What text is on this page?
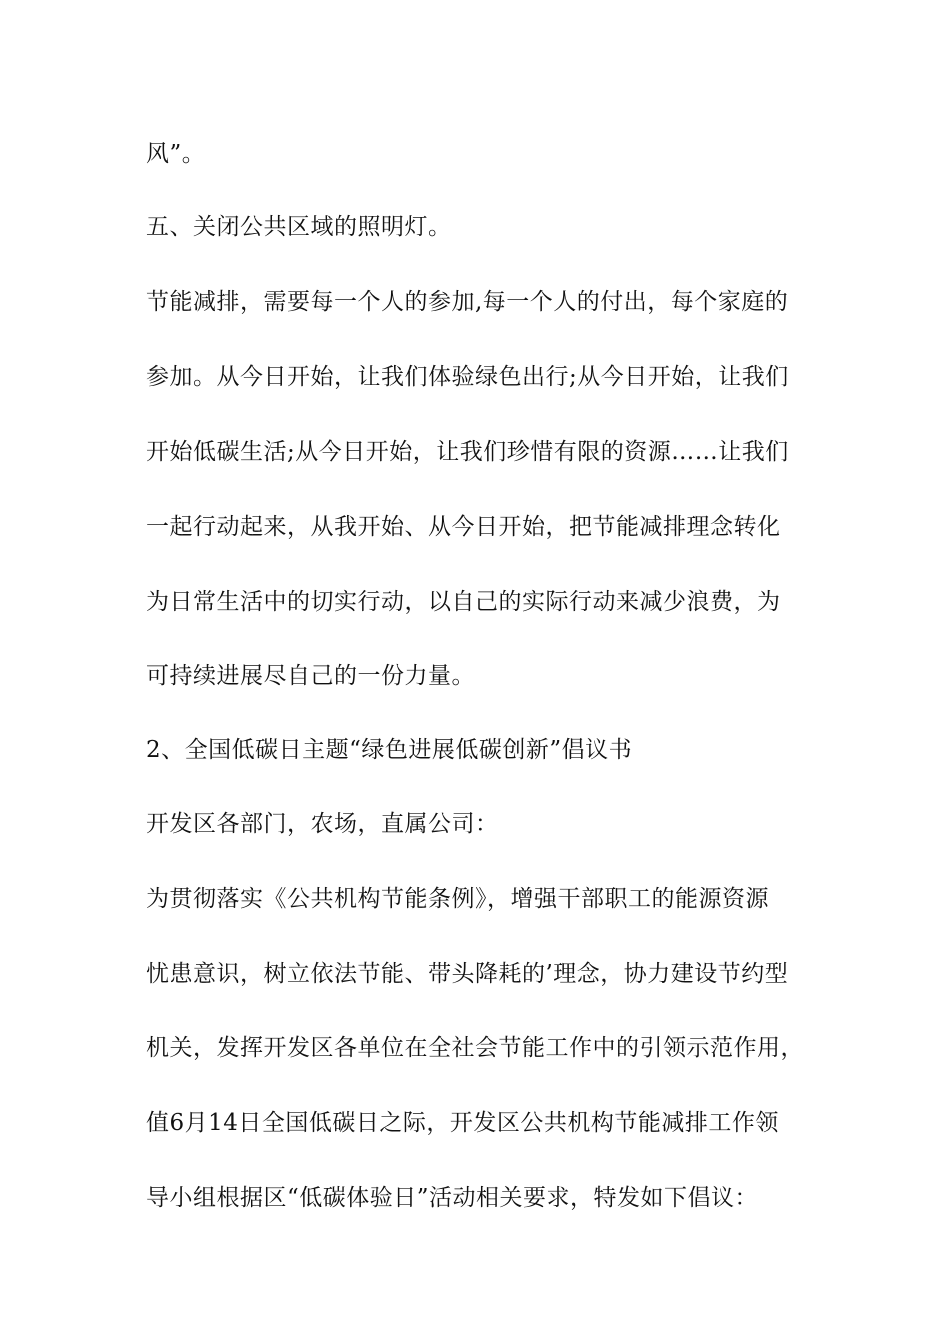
风”。

五、关闭公共区域的照明灯。

节能减排，需要每一个人的参加,每一个人的付出，每个家庭的

参加。从今日开始，让我们体验绿色出行;从今日开始，让我们

开始低碳生活;从今日开始，让我们珍惜有限的资源……让我们

一起行动起来，从我开始、从今日开始，把节能减排理念转化

为日常生活中的切实行动，以自己的实际行动来减少浪费，为

可持续进展尽自己的一份力量。

2、全国低碳日主题“绿色进展低碳创新”倡议书

开发区各部门，农场，直属公司：

为贯彻落实《公共机构节能条例》，增强干部职工的能源资源

忧患意识，树立依法节能、带头降耗的’理念，协力建设节约型

机关，发挥开发区各单位在全社会节能工作中的引领示范作用，

值6月14日全国低碳日之际，开发区公共机构节能减排工作领

导小组根据区“低碳体验日”活动相关要求，特发如下倡议：
